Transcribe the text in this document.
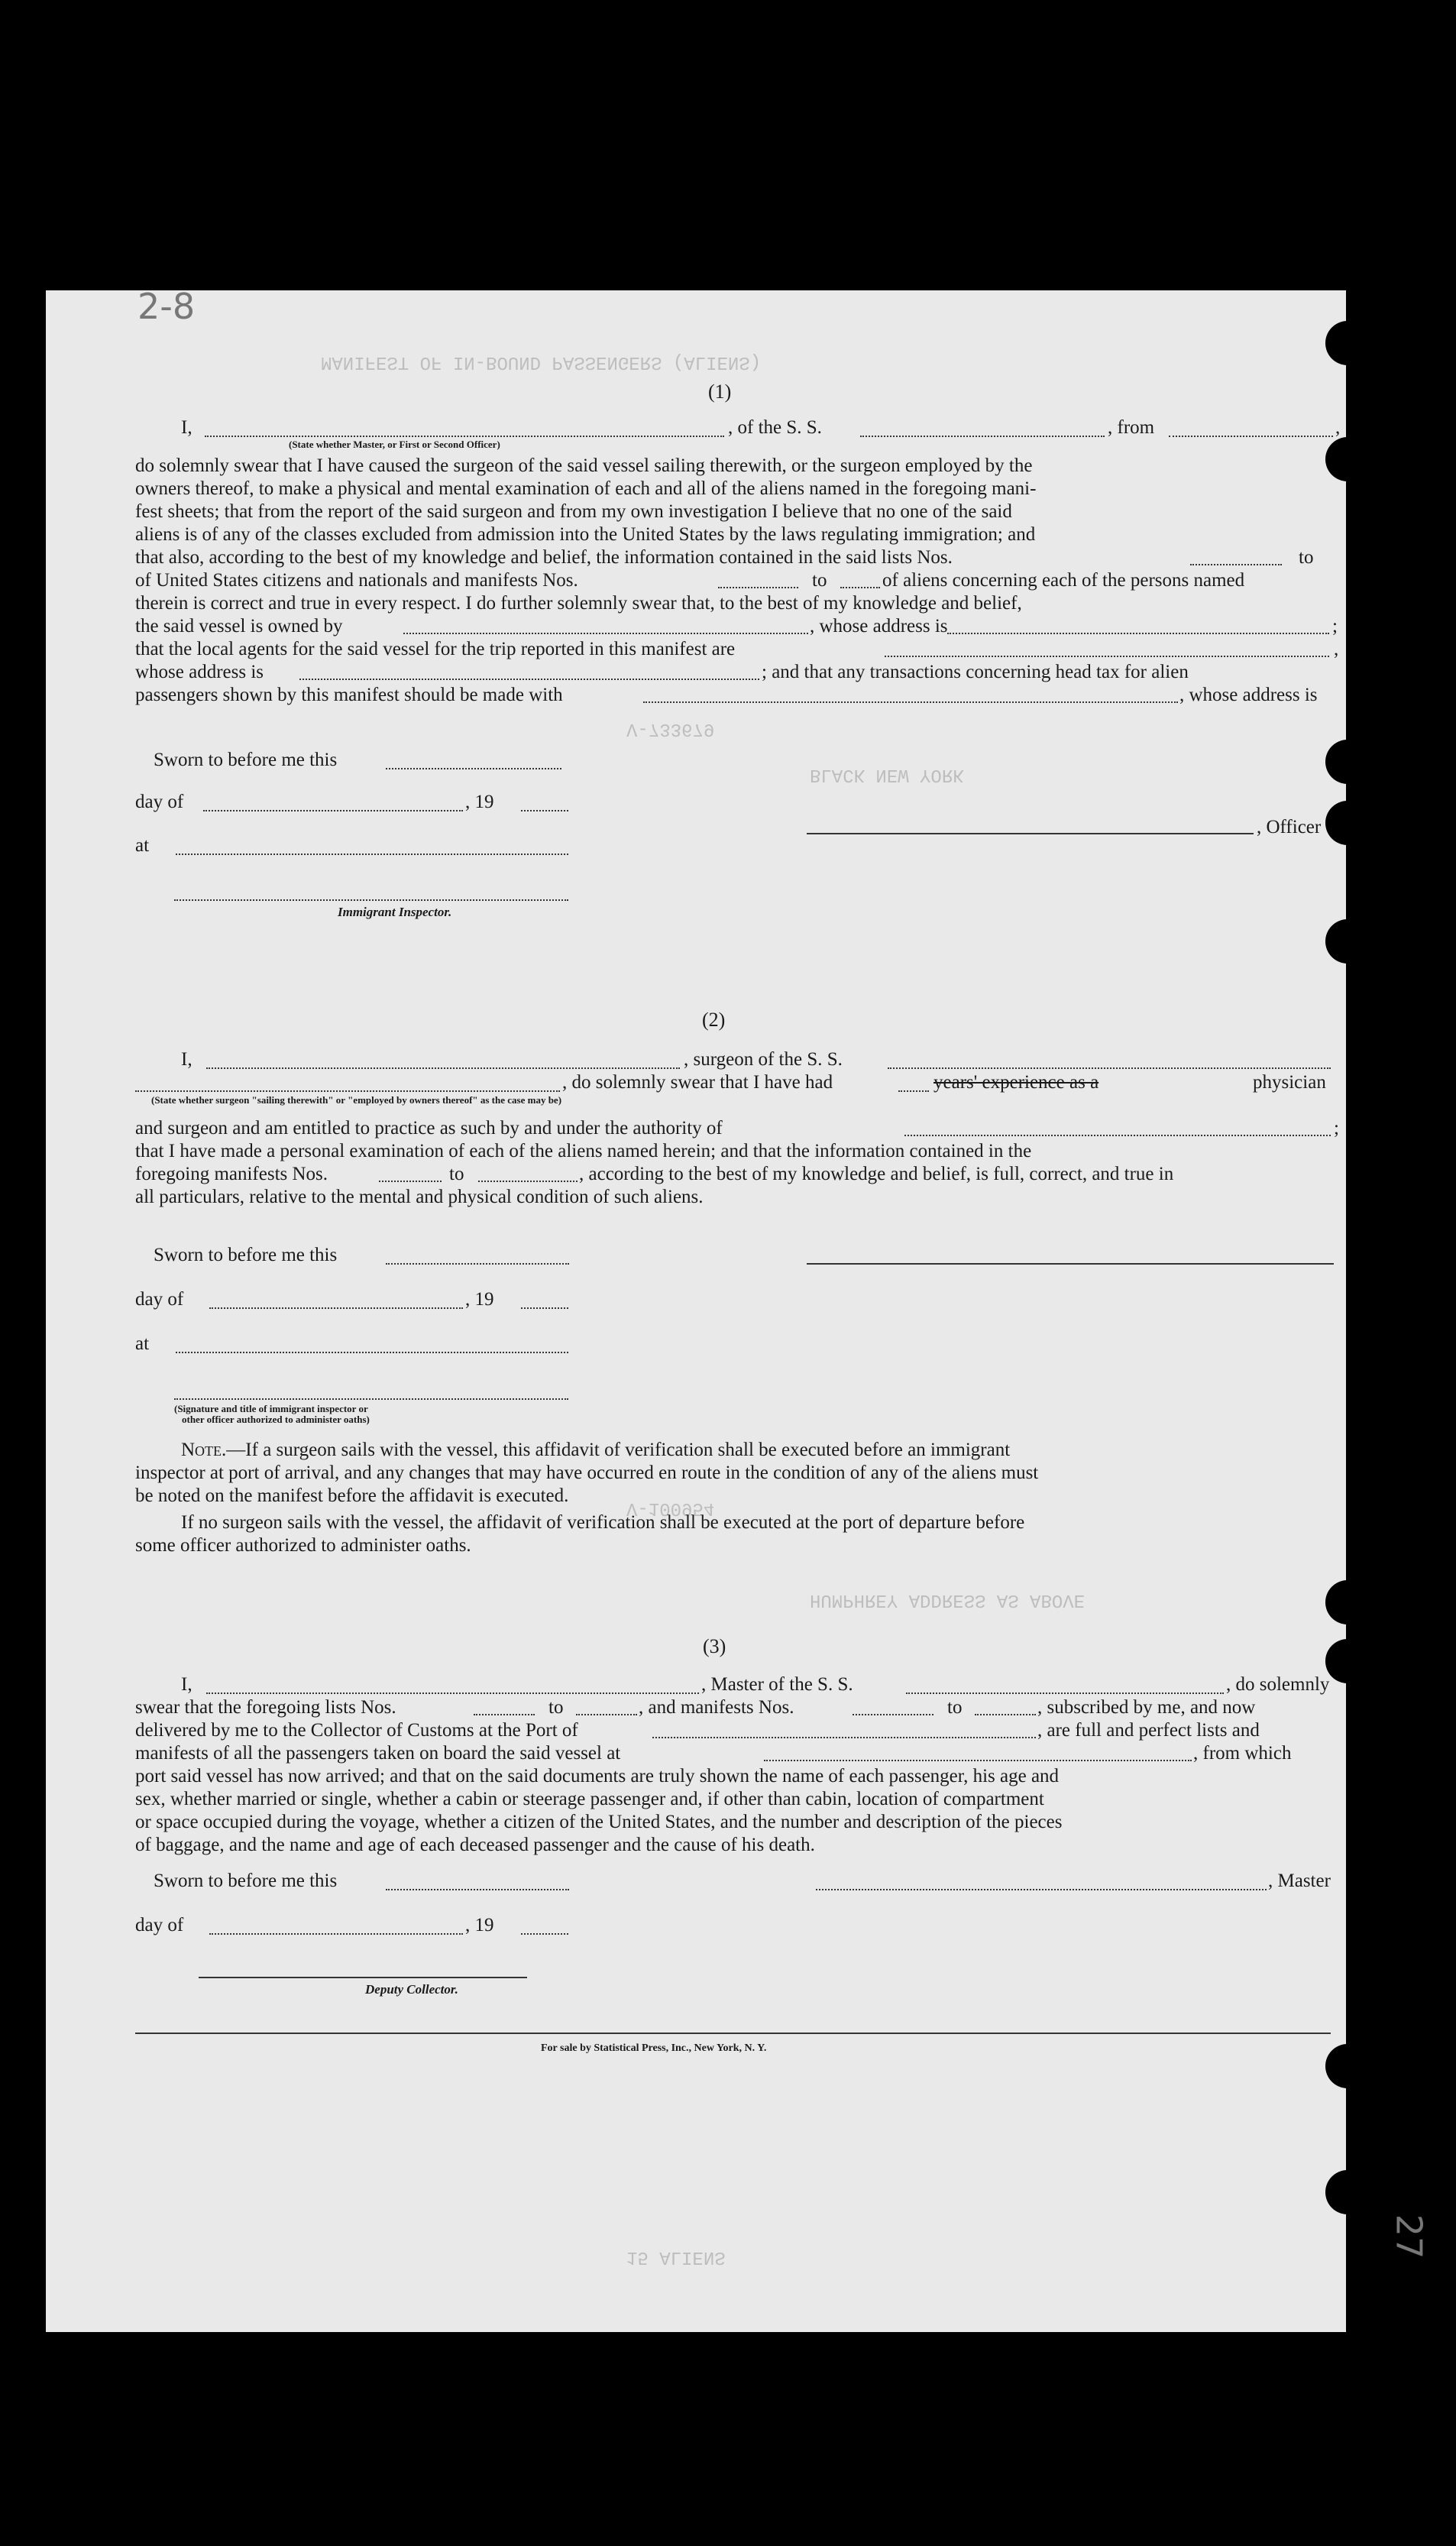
MANIFEST OF IN-BOUND PASSENGERS (ALIENS)
V-733679
BLACK NEW YORK
V-100954
HUMPHREY ADDRESS AS ABOVE
15 ALIENS
2-8
27
(1)
I,	, of the S. S.	, from	,
(State whether Master, or First or Second Officer)
do solemnly swear that I have caused the surgeon of the said vessel sailing therewith, or the surgeon employed by the
owners thereof, to make a physical and mental examination of each and all of the aliens named in the foregoing mani-
fest sheets; that from the report of the said surgeon and from my own investigation I believe that no one of the said
aliens is of any of the classes excluded from admission into the United States by the laws regulating immigration; and
that also, according to the best of my knowledge and belief, the information contained in the said lists Nos.	to
of United States citizens and nationals and manifests Nos.	to	of aliens concerning each of the persons named
therein is correct and true in every respect. I do further solemnly swear that, to the best of my knowledge and belief,
the said vessel is owned by	, whose address is	;
that the local agents for the said vessel for the trip reported in this manifest are	,
whose address is	; and that any transactions concerning head tax for alien
passengers shown by this manifest should be made with	, whose address is
Sworn to before me this
day of	, 19
at
Immigrant Inspector.
, Officer
(2)
I,	, surgeon of the S. S.
, do solemnly swear that I have had	years' experience as a	physician
(State whether surgeon "sailing therewith" or "employed by owners thereof" as the case may be)
and surgeon and am entitled to practice as such by and under the authority of	;
that I have made a personal examination of each of the aliens named herein; and that the information contained in the
foregoing manifests Nos.	to	, according to the best of my knowledge and belief, is full, correct, and true in
all particulars, relative to the mental and physical condition of such aliens.
Sworn to before me this
day of	, 19
at
(Signature and title of immigrant inspector or
other officer authorized to administer oaths)
Note.—If a surgeon sails with the vessel, this affidavit of verification shall be executed before an immigrant
inspector at port of arrival, and any changes that may have occurred en route in the condition of any of the aliens must
be noted on the manifest before the affidavit is executed.
If no surgeon sails with the vessel, the affidavit of verification shall be executed at the port of departure before
some officer authorized to administer oaths.
(3)
I,	, Master of the S. S.	, do solemnly
swear that the foregoing lists Nos.	to	, and manifests Nos.	to	, subscribed by me, and now
delivered by me to the Collector of Customs at the Port of	, are full and perfect lists and
manifests of all the passengers taken on board the said vessel at	, from which
port said vessel has now arrived; and that on the said documents are truly shown the name of each passenger, his age and
sex, whether married or single, whether a cabin or steerage passenger and, if other than cabin, location of compartment
or space occupied during the voyage, whether a citizen of the United States, and the number and description of the pieces
of baggage, and the name and age of each deceased passenger and the cause of his death.
Sworn to before me this	, Master
day of	, 19
Deputy Collector.
For sale by Statistical Press, Inc., New York, N. Y.
